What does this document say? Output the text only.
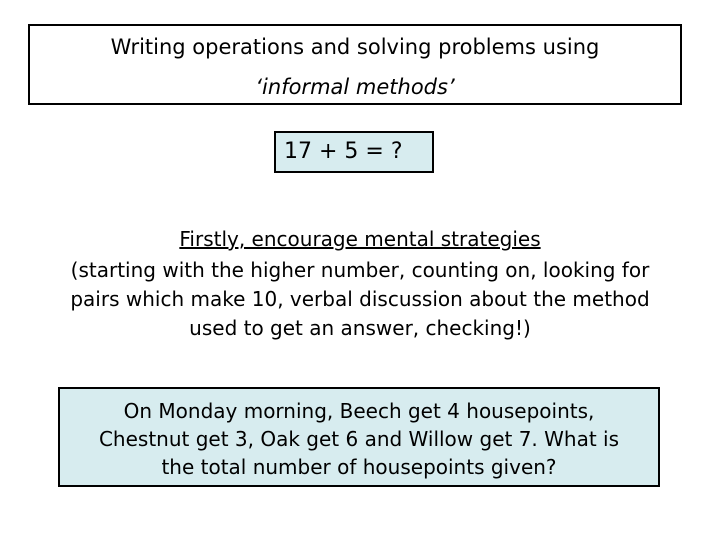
Writing operations and solving problems using
‘informal methods’
17 + 5 = ?
Firstly, encourage mental strategies
(starting with the higher number, counting on, looking for
pairs which make 10, verbal discussion about the method
used to get an answer, checking!)
On Monday morning, Beech get 4 housepoints,
Chestnut get 3, Oak get 6 and Willow get 7. What is
the total number of housepoints given?
